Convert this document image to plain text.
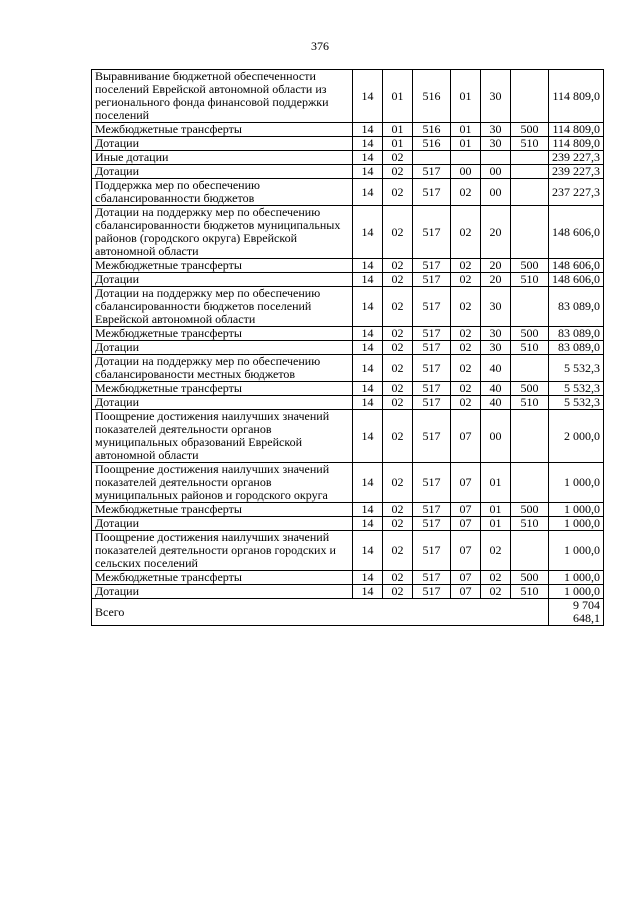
376
Выравнивание бюджетной обеспеченности поселений Еврейской автономной области из регионального фонда финансовой поддержки поселений	14	01	516	01	30		114 809,0
Межбюджетные трансферты	14	01	516	01	30	500	114 809,0
Дотации	14	01	516	01	30	510	114 809,0
Иные дотации	14	02					239 227,3
Дотации	14	02	517	00	00		239 227,3
Поддержка мер по обеспечению сбалансированности бюджетов	14	02	517	02	00		237 227,3
Дотации на поддержку мер по обеспечению сбалансированности бюджетов муниципальных районов (городского округа) Еврейской автономной области	14	02	517	02	20		148 606,0
Межбюджетные трансферты	14	02	517	02	20	500	148 606,0
Дотации	14	02	517	02	20	510	148 606,0
Дотации на поддержку мер по обеспечению сбалансированности бюджетов поселений Еврейской автономной области	14	02	517	02	30		83 089,0
Межбюджетные трансферты	14	02	517	02	30	500	83 089,0
Дотации	14	02	517	02	30	510	83 089,0
Дотации на поддержку мер по обеспечению сбалансированости местных бюджетов	14	02	517	02	40		5 532,3
Межбюджетные трансферты	14	02	517	02	40	500	5 532,3
Дотации	14	02	517	02	40	510	5 532,3
Поощрение достижения наилучших значений показателей деятельности органов муниципальных образований Еврейской автономной области	14	02	517	07	00		2 000,0
Поощрение достижения наилучших значений показателей деятельности органов муниципальных районов и городского округа	14	02	517	07	01		1 000,0
Межбюджетные трансферты	14	02	517	07	01	500	1 000,0
Дотации	14	02	517	07	01	510	1 000,0
Поощрение достижения наилучших значений показателей деятельности органов городских и сельских поселений	14	02	517	07	02		1 000,0
Межбюджетные трансферты	14	02	517	07	02	500	1 000,0
Дотации	14	02	517	07	02	510	1 000,0
Всего							9 704 648,1
